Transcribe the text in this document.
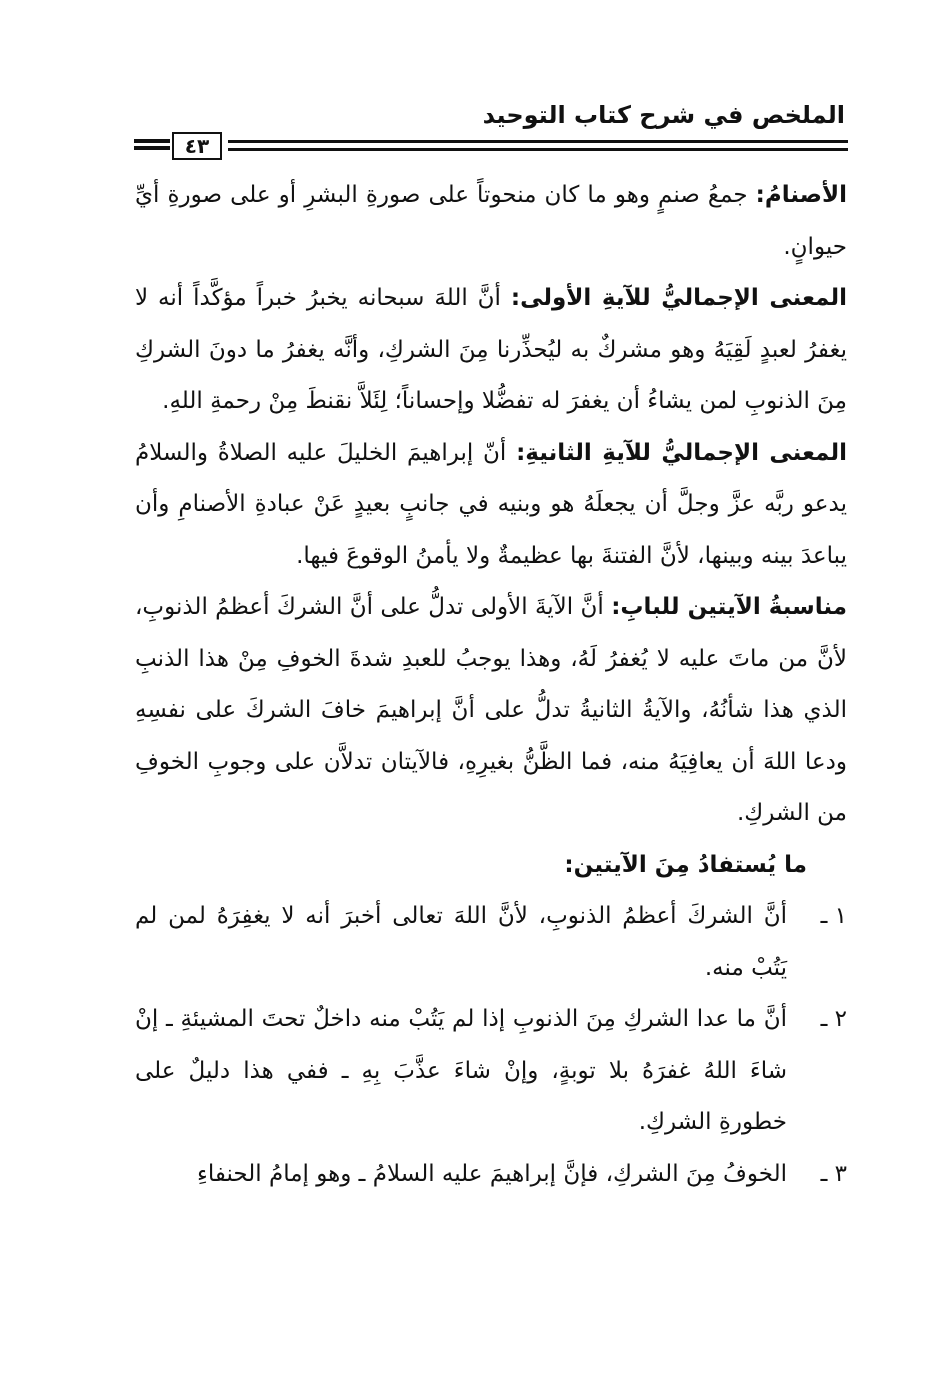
الملخص في شرح كتاب التوحيد
٤٣

الأصنامُ: جمعُ صنمٍ وهو ما كان منحوتاً على صورةِ البشرِ أو على صورةِ أيِّ حيوانٍ.

المعنى الإجماليُّ للآيةِ الأولى: أنَّ اللهَ سبحانه يخبرُ خبراً مؤكَّداً أنه لا يغفرُ لعبدٍ لَقِيَهُ وهو مشركٌ به ليُحذِّرنا مِنَ الشركِ، وأنَّه يغفرُ ما دونَ الشركِ مِنَ الذنوبِ لمن يشاءُ أن يغفرَ له تفضُّلا وإحساناً؛ لِئَلاَّ نقنطَ مِنْ رحمةِ اللهِ.

المعنى الإجماليُّ للآيةِ الثانيةِ: أنّ إبراهيمَ الخليلَ عليه الصلاةُ والسلامُ يدعو ربَّه عزَّ وجلَّ أن يجعلَهُ هو وبنيه في جانبٍ بعيدٍ عَنْ عبادةِ الأصنامِ وأن يباعدَ بينه وبينها، لأنَّ الفتنةَ بها عظيمةٌ ولا يأمنُ الوقوعَ فيها.

مناسبةُ الآيتين للبابِ: أنَّ الآيةَ الأولى تدلُّ على أنَّ الشركَ أعظمُ الذنوبِ، لأنَّ من ماتَ عليه لا يُغفرُ لَهُ، وهذا يوجبُ للعبدِ شدةَ الخوفِ مِنْ هذا الذنبِ الذي هذا شأنُهُ، والآيةُ الثانيةُ تدلُّ على أنَّ إبراهيمَ خافَ الشركَ على نفسِهِ ودعا اللهَ أن يعافِيَهُ منه، فما الظَّنُّ بغيرِهِ، فالآيتان تدلاَّن على وجوبِ الخوفِ من الشركِ.

ما يُستفادُ مِنَ الآيتين:

١ ـ
أنَّ الشركَ أعظمُ الذنوبِ، لأنَّ اللهَ تعالى أخبرَ أنه لا يغفِرَهُ لمن لم يَتُبْ منه.
٢ ـ
أنَّ ما عدا الشركِ مِنَ الذنوبِ إذا لم يَتُبْ منه داخلٌ تحتَ المشيئةِ ـ إنْ شاءَ اللهُ غفرَهُ بلا توبةٍ، وإنْ شاءَ عذَّبَ بِهِ ـ ففي هذا دليلٌ على خطورةِ الشركِ.
٣ ـ
الخوفُ مِنَ الشركِ، فإنَّ إبراهيمَ عليه السلامُ ـ وهو إمامُ الحنفاءِ
